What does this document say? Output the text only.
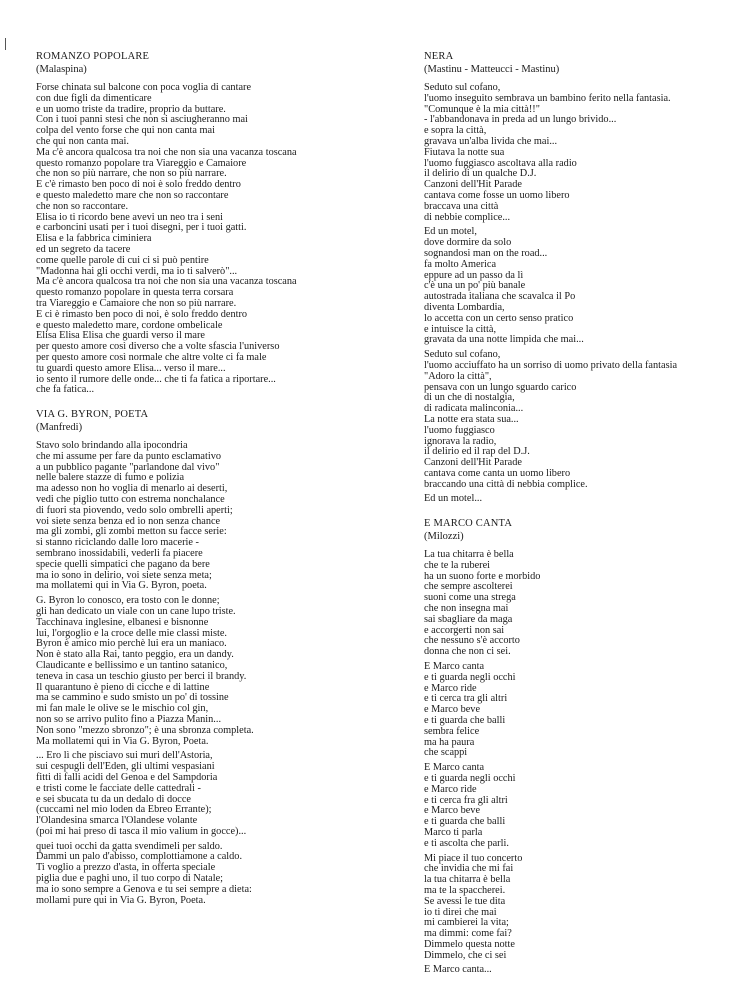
ROMANZO POPOLARE
(Malaspina)
Forse chinata sul balcone con poca voglia di cantare
con due figli da dimenticare
e un uomo triste da tradire, proprio da buttare.
Con i tuoi panni stesi che non si asciugheranno mai
colpa del vento forse che qui non canta mai
che qui non canta mai.
Ma c'è ancora qualcosa tra noi che non sia una vacanza toscana
questo romanzo popolare tra Viareggio e Camaiore
che non so più narrare, che non so più narrare.
E c'è rimasto ben poco di noi è solo freddo dentro
e questo maledetto mare che non so raccontare
che non so raccontare.
Elisa io ti ricordo bene avevi un neo tra i seni
e carboncini usati per i tuoi disegni, per i tuoi gatti.
Elisa e la fabbrica ciminiera
ed un segreto da tacere
come quelle parole di cui ci si può pentire
"Madonna hai gli occhi verdi, ma io ti salverò"...
Ma c'è ancora qualcosa tra noi che non sia una vacanza toscana
questo romanzo popolare in questa terra corsara
tra Viareggio e Camaiore che non so più narrare.
E ci è rimasto ben poco di noi, è solo freddo dentro
e questo maledetto mare, cordone ombelicale
Elisa Elisa Elisa che guardi verso il mare
per questo amore così diverso che a volte sfascia l'universo
per questo amore così normale che altre volte ci fa male
tu guardi questo amore Elisa... verso il mare...
io sento il rumore delle onde... che ti fa fatica a riportare...
che fa fatica...
VIA G. BYRON, POETA
(Manfredi)
Stavo solo brindando alla ipocondria
che mi assume per fare da punto esclamativo
a un pubblico pagante "parlandone dal vivo"
nelle balere stazze di fumo e polizia
ma adesso non ho voglia di menarlo ai deserti,
vedi che piglio tutto con estrema nonchalance
di fuori sta piovendo, vedo solo ombrelli aperti;
voi siete senza benza ed io non senza chance
ma gli zombi, gli zombi metton su facce serie:
si stanno riciclando dalle loro macerie -
sembrano inossidabili, vederli fa piacere
specie quelli simpatici che pagano da bere
ma io sono in delirio, voi siete senza meta;
ma mollatemi qui in Via G. Byron, poeta.
G. Byron lo conosco, era tosto con le donne;
gli han dedicato un viale con un cane lupo triste.
Tacchinava inglesine, elbanesi e bisnonne
lui, l'orgoglio e la croce delle mie classi miste.
Byron è amico mio perchè lui era un maniaco.
Non è stato alla Rai, tanto peggio, era un dandy.
Claudicante e bellissimo e un tantino satanico,
teneva in casa un teschio giusto per berci il brandy.
Il quarantuno è pieno di cicche e di lattine
ma se cammino e sudo smisto un po' di tossine
mi fan male le olive se le mischio col gin,
non so se arrivo pulito fino a Piazza Manin...
Non sono "mezzo sbronzo"; è una sbronza completa.
Ma mollatemi qui in Via G. Byron, Poeta.
... Ero lì che pisciavo sui muri dell'Astoria,
sui cespugli dell'Eden, gli ultimi vespasiani
fitti di falli acidi del Genoa e del Sampdoria
e tristi come le facciate delle cattedrali -
e sei sbucata tu da un dedalo di docce
(cuccami nel mio loden da Ebreo Errante);
l'Olandesina smarca l'Olandese volante
(poi mi hai preso di tasca il mio valium in gocce)...
quei tuoi occhi da gatta svendimeli per saldo.
Dammi un palo d'abisso, complottiamone a caldo.
Ti voglio a prezzo d'asta, in offerta speciale
piglia due e paghi uno, il tuo corpo di Natale;
ma io sono sempre a Genova e tu sei sempre a dieta:
mollami pure qui in Via G. Byron, Poeta.
NERA
(Mastinu - Matteucci - Mastinu)
Seduto sul cofano,
l'uomo inseguito sembrava un bambino ferito nella fantasia.
"Comunque è la mia città!!"
- l'abbandonava in preda ad un lungo brivido...
e sopra la città,
gravava un'alba livida che mai...
Fiutava la notte sua
l'uomo fuggiasco ascoltava alla radio
il delirio di un qualche D.J.
Canzoni dell'Hit Parade
cantava come fosse un uomo libero
braccava una città
di nebbie complice...
Ed un motel,
dove dormire da solo
sognandosi man on the road...
fa molto America
eppure ad un passo da lì
c'è una un po' più banale
autostrada italiana che scavalca il Po
diventa Lombardia,
lo accetta con un certo senso pratico
e intuisce la città,
gravata da una notte limpida che mai...
Seduto sul cofano,
l'uomo acciuffato ha un sorriso di uomo privato della fantasia
"Adoro la città",
pensava con un lungo sguardo carico
di un che di nostalgia,
di radicata malinconia...
La notte era stata sua...
l'uomo fuggiasco
ignorava la radio,
il delirio ed il rap del D.J.
Canzoni dell'Hit Parade
cantava come canta un uomo libero
braccando una città di nebbia complice.
Ed un motel...
E MARCO CANTA
(Milozzi)
La tua chitarra è bella
che te la ruberei
ha un suono forte e morbido
che sempre ascolterei
suoni come una strega
che non insegna mai
sai sbagliare da maga
e accorgerti non sai
che nessuno s'è accorto
donna che non ci sei.
E Marco canta
e ti guarda negli occhi
e Marco ride
e ti cerca tra gli altri
e Marco beve
e ti guarda che balli
sembra felice
ma ha paura
che scappi
E Marco canta
e ti guarda negli occhi
e Marco ride
e ti cerca fra gli altri
e Marco beve
e ti guarda che balli
Marco ti parla
e ti ascolta che parli.
Mi piace il tuo concerto
che invidia che mi fai
la tua chitarra è bella
ma te la spaccherei.
Se avessi le tue dita
io ti direi che mai
mi cambierei la vita;
ma dimmi: come fai?
Dimmelo questa notte
Dimmelo, che ci sei
E Marco canta...
